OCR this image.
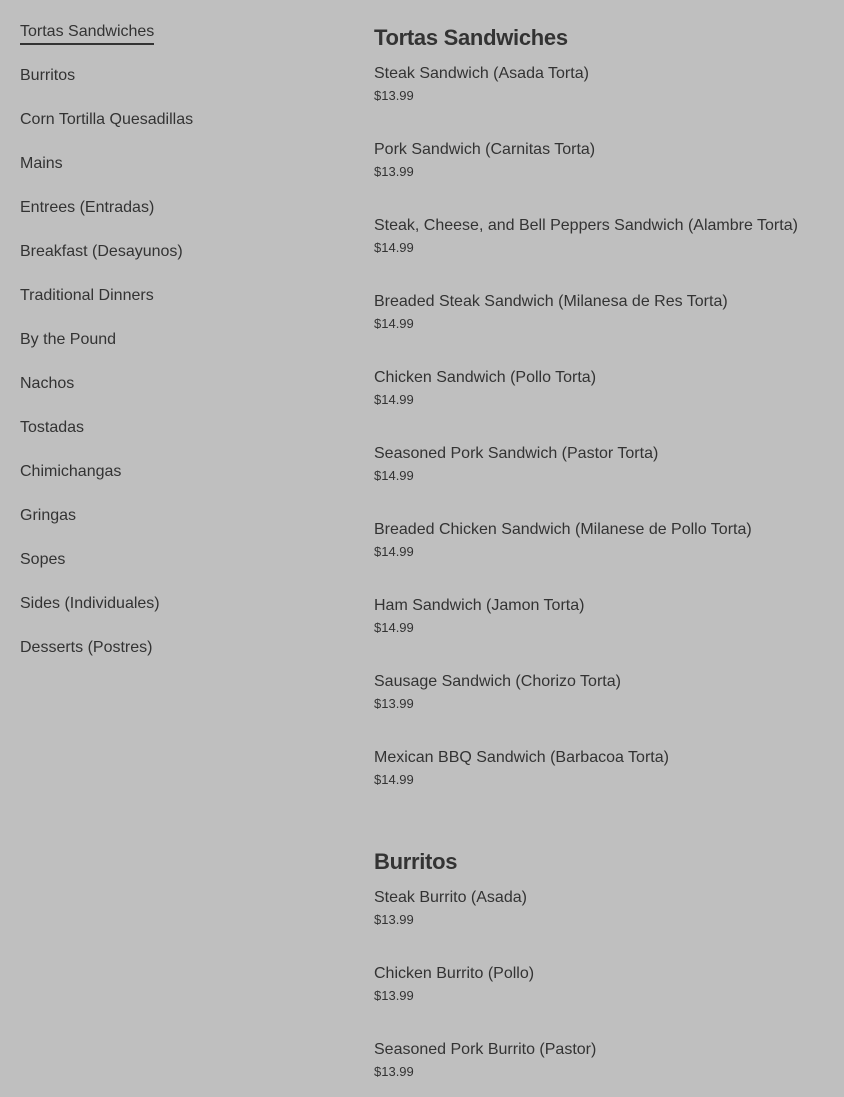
Tortas Sandwiches
Burritos
Corn Tortilla Quesadillas
Mains
Entrees (Entradas)
Breakfast (Desayunos)
Traditional Dinners
By the Pound
Nachos
Tostadas
Chimichangas
Gringas
Sopes
Sides (Individuales)
Desserts (Postres)
Tortas Sandwiches
Steak Sandwich (Asada Torta)
$13.99
Pork Sandwich (Carnitas Torta)
$13.99
Steak, Cheese, and Bell Peppers Sandwich (Alambre Torta)
$14.99
Breaded Steak Sandwich (Milanesa de Res Torta)
$14.99
Chicken Sandwich (Pollo Torta)
$14.99
Seasoned Pork Sandwich (Pastor Torta)
$14.99
Breaded Chicken Sandwich (Milanese de Pollo Torta)
$14.99
Ham Sandwich (Jamon Torta)
$14.99
Sausage Sandwich (Chorizo Torta)
$13.99
Mexican BBQ Sandwich (Barbacoa Torta)
$14.99
Burritos
Steak Burrito (Asada)
$13.99
Chicken Burrito (Pollo)
$13.99
Seasoned Pork Burrito (Pastor)
$13.99
